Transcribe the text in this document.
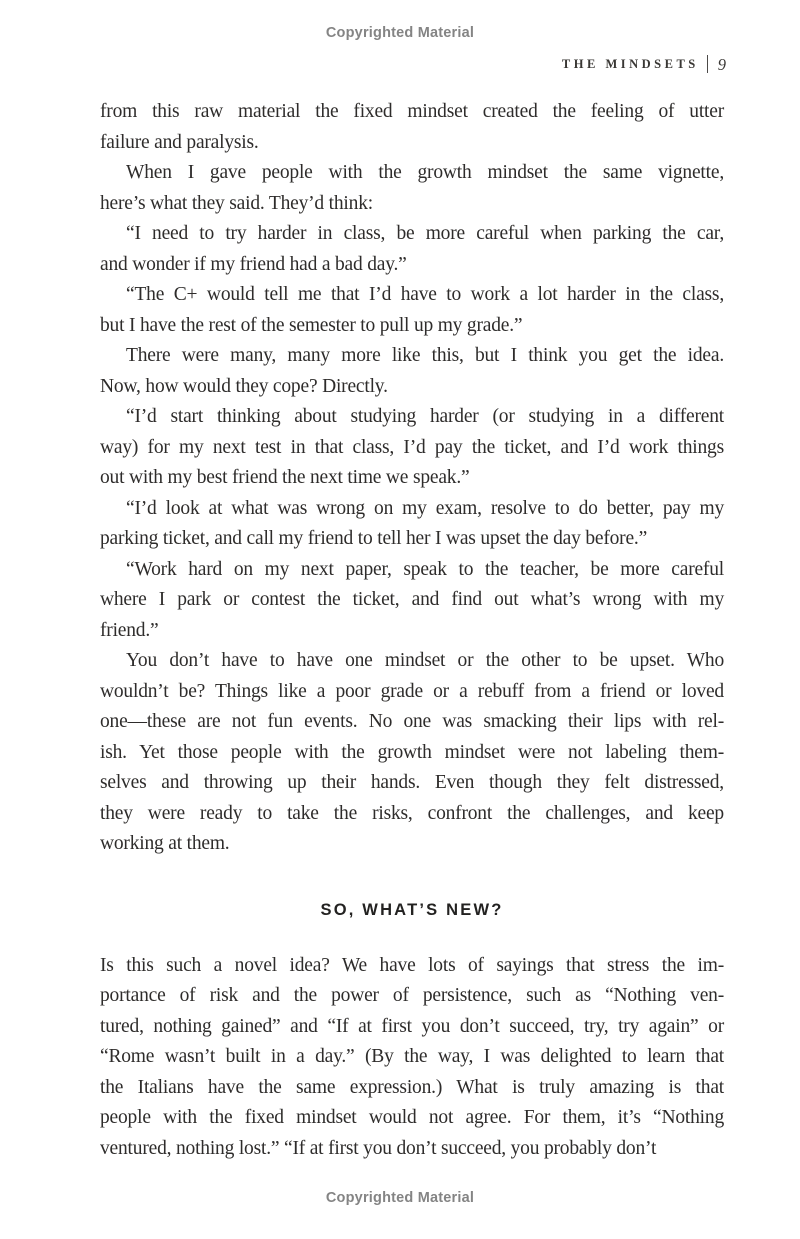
Copyrighted Material
THE MINDSETS 9
from this raw material the fixed mindset created the feeling of utter
failure and paralysis.
When I gave people with the growth mindset the same vignette,
here’s what they said. They’d think:
“I need to try harder in class, be more careful when parking the car,
and wonder if my friend had a bad day.”
“The C+ would tell me that I’d have to work a lot harder in the class,
but I have the rest of the semester to pull up my grade.”
There were many, many more like this, but I think you get the idea.
Now, how would they cope? Directly.
“I’d start thinking about studying harder (or studying in a different
way) for my next test in that class, I’d pay the ticket, and I’d work things
out with my best friend the next time we speak.”
“I’d look at what was wrong on my exam, resolve to do better, pay my
parking ticket, and call my friend to tell her I was upset the day before.”
“Work hard on my next paper, speak to the teacher, be more careful
where I park or contest the ticket, and find out what’s wrong with my
friend.”
You don’t have to have one mindset or the other to be upset. Who
wouldn’t be? Things like a poor grade or a rebuff from a friend or loved
one—these are not fun events. No one was smacking their lips with rel-
ish. Yet those people with the growth mindset were not labeling them-
selves and throwing up their hands. Even though they felt distressed,
they were ready to take the risks, confront the challenges, and keep
working at them.
SO, WHAT’S NEW?
Is this such a novel idea? We have lots of sayings that stress the im-
portance of risk and the power of persistence, such as “Nothing ven-
tured, nothing gained” and “If at first you don’t succeed, try, try again” or
“Rome wasn’t built in a day.” (By the way, I was delighted to learn that
the Italians have the same expression.) What is truly amazing is that
people with the fixed mindset would not agree. For them, it’s “Nothing
ventured, nothing lost.” “If at first you don’t succeed, you probably don’t
Copyrighted Material
